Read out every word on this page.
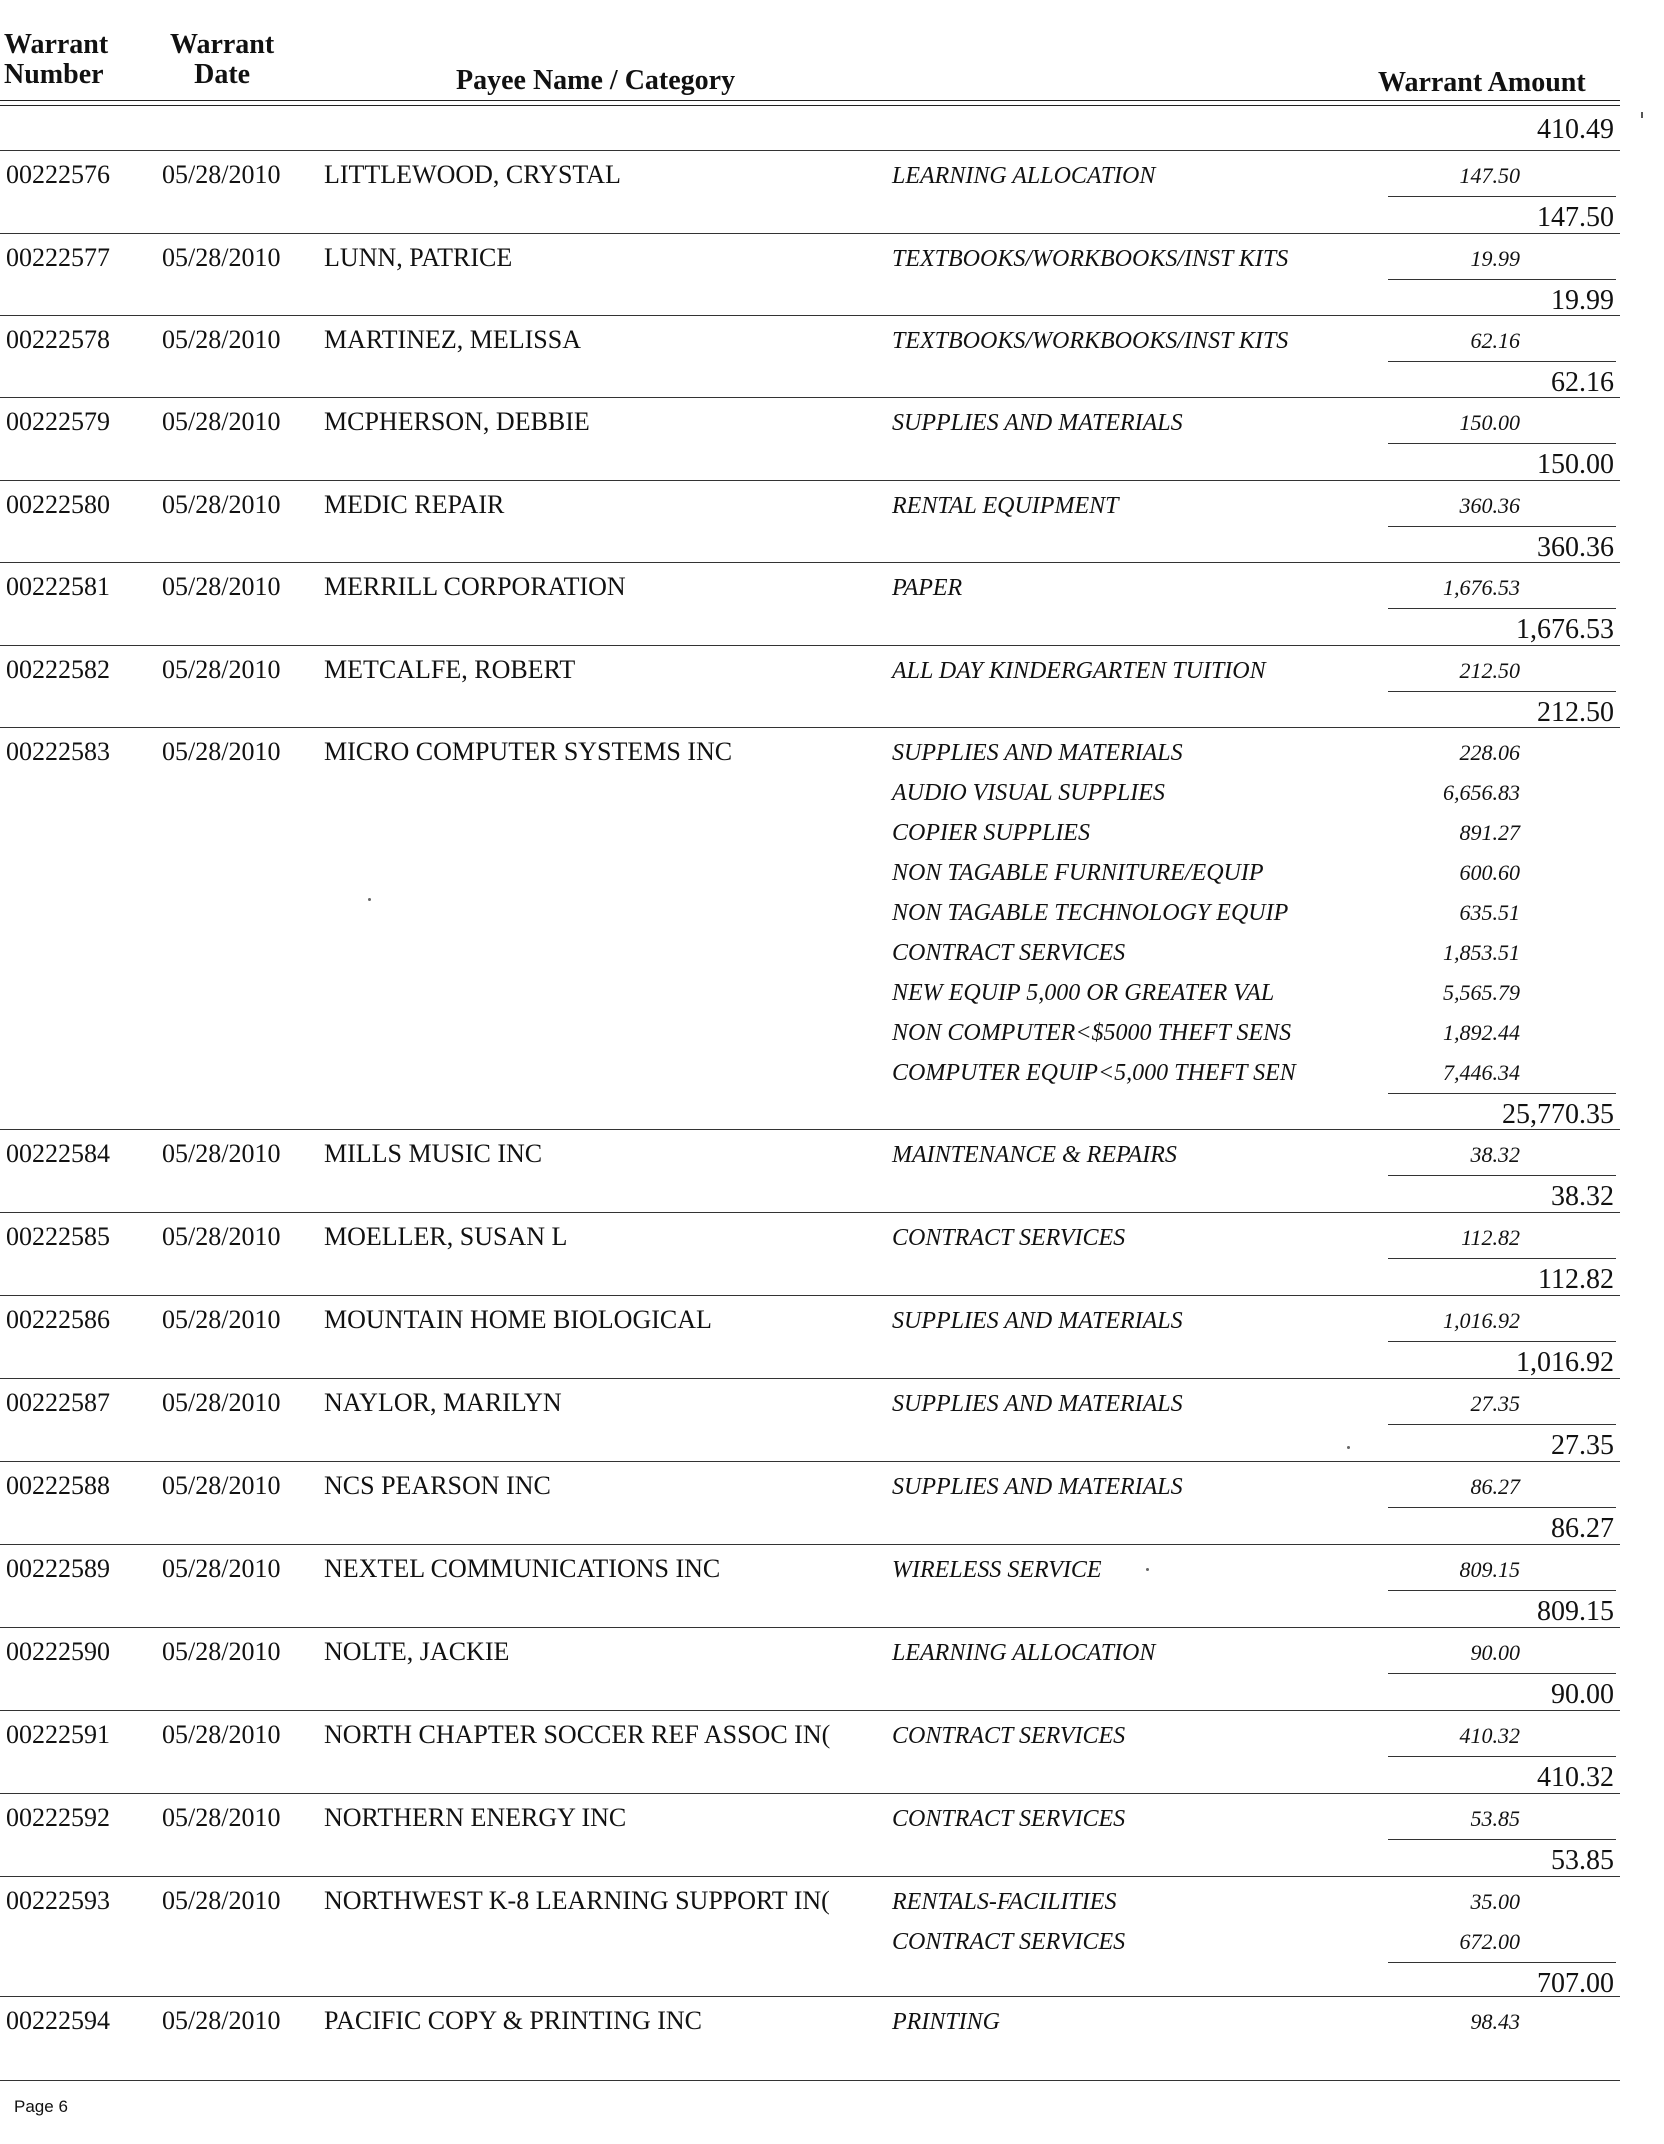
Warrant
Number
Warrant
Date	Payee Name / Category	Warrant Amount
410.49
00222576 05/28/2010 LITTLEWOOD, CRYSTAL	LEARNING ALLOCATION	147.50
147.50
00222577 05/28/2010 LUNN, PATRICE	TEXTBOOKS/WORKBOOKS/INST KITS	19.99
19.99
00222578 05/28/2010 MARTINEZ, MELISSA	TEXTBOOKS/WORKBOOKS/INST KITS	62.16
62.16
00222579 05/28/2010 MCPHERSON, DEBBIE	SUPPLIES AND MATERIALS	150.00
150.00
00222580 05/28/2010 MEDIC REPAIR	RENTAL EQUIPMENT	360.36
360.36
00222581 05/28/2010 MERRILL CORPORATION	PAPER	1,676.53
1,676.53
00222582 05/28/2010 METCALFE, ROBERT	ALL DAY KINDERGARTEN TUITION	212.50
212.50
00222583 05/28/2010 MICRO COMPUTER SYSTEMS INC	SUPPLIES AND MATERIALS	228.06
AUDIO VISUAL SUPPLIES	6,656.83
COPIER SUPPLIES	891.27
NON TAGABLE FURNITURE/EQUIP	600.60
NON TAGABLE TECHNOLOGY EQUIP	635.51
CONTRACT SERVICES	1,853.51
NEW EQUIP 5,000 OR GREATER VAL	5,565.79
NON COMPUTER<$5000 THEFT SENS	1,892.44
COMPUTER EQUIP<5,000 THEFT SEN	7,446.34
25,770.35
00222584 05/28/2010 MILLS MUSIC INC	MAINTENANCE & REPAIRS	38.32
38.32
00222585 05/28/2010 MOELLER, SUSAN L	CONTRACT SERVICES	112.82
112.82
00222586 05/28/2010 MOUNTAIN HOME BIOLOGICAL	SUPPLIES AND MATERIALS	1,016.92
1,016.92
00222587 05/28/2010 NAYLOR, MARILYN	SUPPLIES AND MATERIALS	27.35
27.35
00222588 05/28/2010 NCS PEARSON INC	SUPPLIES AND MATERIALS	86.27
86.27
00222589 05/28/2010 NEXTEL COMMUNICATIONS INC	WIRELESS SERVICE	809.15
809.15
00222590 05/28/2010 NOLTE, JACKIE	LEARNING ALLOCATION	90.00
90.00
00222591 05/28/2010 NORTH CHAPTER SOCCER REF ASSOC IN(	CONTRACT SERVICES	410.32
410.32
00222592 05/28/2010 NORTHERN ENERGY INC	CONTRACT SERVICES	53.85
53.85
00222593 05/28/2010 NORTHWEST K-8 LEARNING SUPPORT IN(	RENTALS-FACILITIES	35.00
CONTRACT SERVICES	672.00
707.00
00222594 05/28/2010 PACIFIC COPY & PRINTING INC	PRINTING	98.43
Page 6
